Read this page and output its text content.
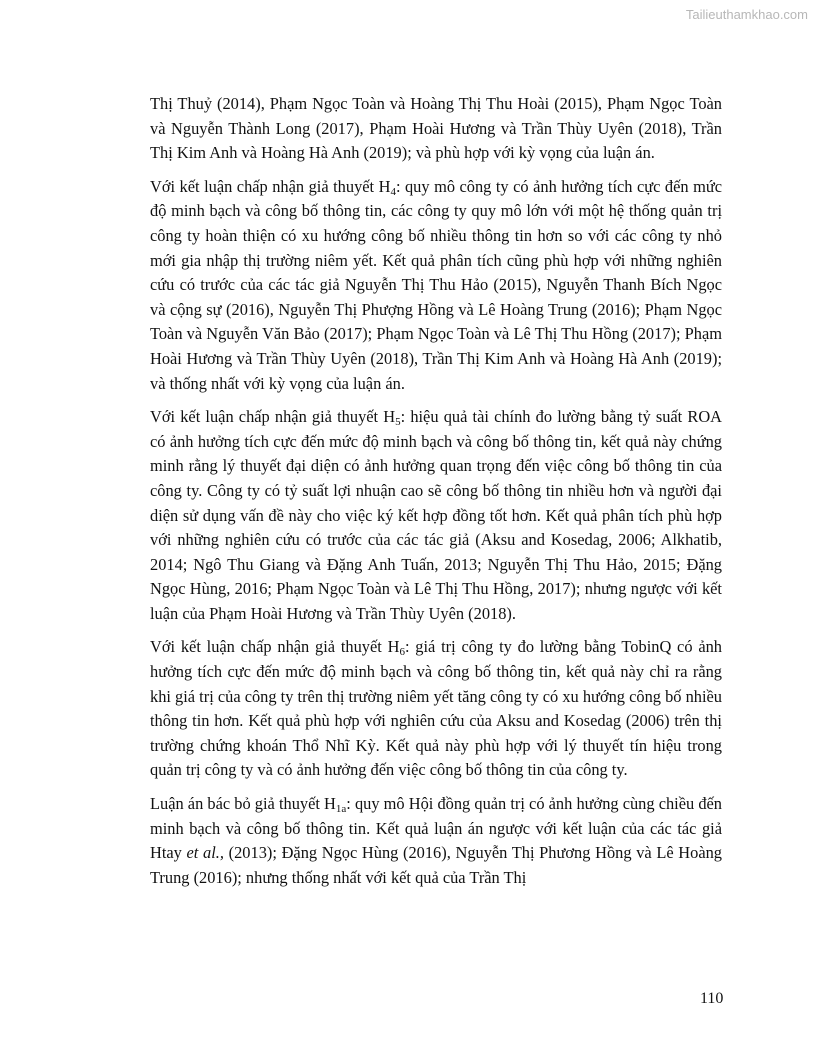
Tailieuthamkhao.com

Thị Thuỷ (2014), Phạm Ngọc Toàn và Hoàng Thị Thu Hoài (2015), Phạm Ngọc Toàn và Nguyễn Thành Long (2017), Phạm Hoài Hương và Trần Thùy Uyên (2018), Trần Thị Kim Anh và Hoàng Hà Anh (2019); và phù hợp với kỳ vọng của luận án.

Với kết luận chấp nhận giả thuyết $H_4$: quy mô công ty có ảnh hưởng tích cực đến mức độ minh bạch và công bố thông tin, các công ty quy mô lớn với một hệ thống quản trị công ty hoàn thiện có xu hướng công bố nhiều thông tin hơn so với các công ty nhỏ mới gia nhập thị trường niêm yết. Kết quả phân tích cũng phù hợp với những nghiên cứu có trước của các tác giả Nguyễn Thị Thu Hảo (2015), Nguyễn Thanh Bích Ngọc và cộng sự (2016), Nguyễn Thị Phượng Hồng và Lê Hoàng Trung (2016); Phạm Ngọc Toàn và Nguyễn Văn Bảo (2017); Phạm Ngọc Toàn và Lê Thị Thu Hồng (2017); Phạm Hoài Hương và Trần Thùy Uyên (2018), Trần Thị Kim Anh và Hoàng Hà Anh (2019); và thống nhất với kỳ vọng của luận án.

Với kết luận chấp nhận giả thuyết $H_5$: hiệu quả tài chính đo lường bằng tỷ suất ROA có ảnh hưởng tích cực đến mức độ minh bạch và công bố thông tin, kết quả này chứng minh rằng lý thuyết đại diện có ảnh hưởng quan trọng đến việc công bố thông tin của công ty. Công ty có tỷ suất lợi nhuận cao sẽ công bố thông tin nhiều hơn và người đại diện sử dụng vấn đề này cho việc ký kết hợp đồng tốt hơn. Kết quả phân tích phù hợp với những nghiên cứu có trước của các tác giả (Aksu and Kosedag, 2006; Alkhatib, 2014; Ngô Thu Giang và Đặng Anh Tuấn, 2013; Nguyễn Thị Thu Hảo, 2015; Đặng Ngọc Hùng, 2016; Phạm Ngọc Toàn và Lê Thị Thu Hồng, 2017); nhưng ngược với kết luận của Phạm Hoài Hương và Trần Thùy Uyên (2018).

Với kết luận chấp nhận giả thuyết $H_6$: giá trị công ty đo lường bằng TobinQ có ảnh hưởng tích cực đến mức độ minh bạch và công bố thông tin, kết quả này chỉ ra rằng khi giá trị của công ty trên thị trường niêm yết tăng công ty có xu hướng công bố nhiều thông tin hơn. Kết quả phù hợp với nghiên cứu của Aksu and Kosedag (2006) trên thị trường chứng khoán Thổ Nhĩ Kỳ. Kết quả này phù hợp với lý thuyết tín hiệu trong quản trị công ty và có ảnh hưởng đến việc công bố thông tin của công ty.

Luận án bác bỏ giả thuyết $H_{1a}$: quy mô Hội đồng quản trị có ảnh hưởng cùng chiều đến minh bạch và công bố thông tin. Kết quả luận án ngược với kết luận của các tác giả Htay et al., (2013); Đặng Ngọc Hùng (2016), Nguyễn Thị Phương Hồng và Lê Hoàng Trung (2016); nhưng thống nhất với kết quả của Trần Thị

110
